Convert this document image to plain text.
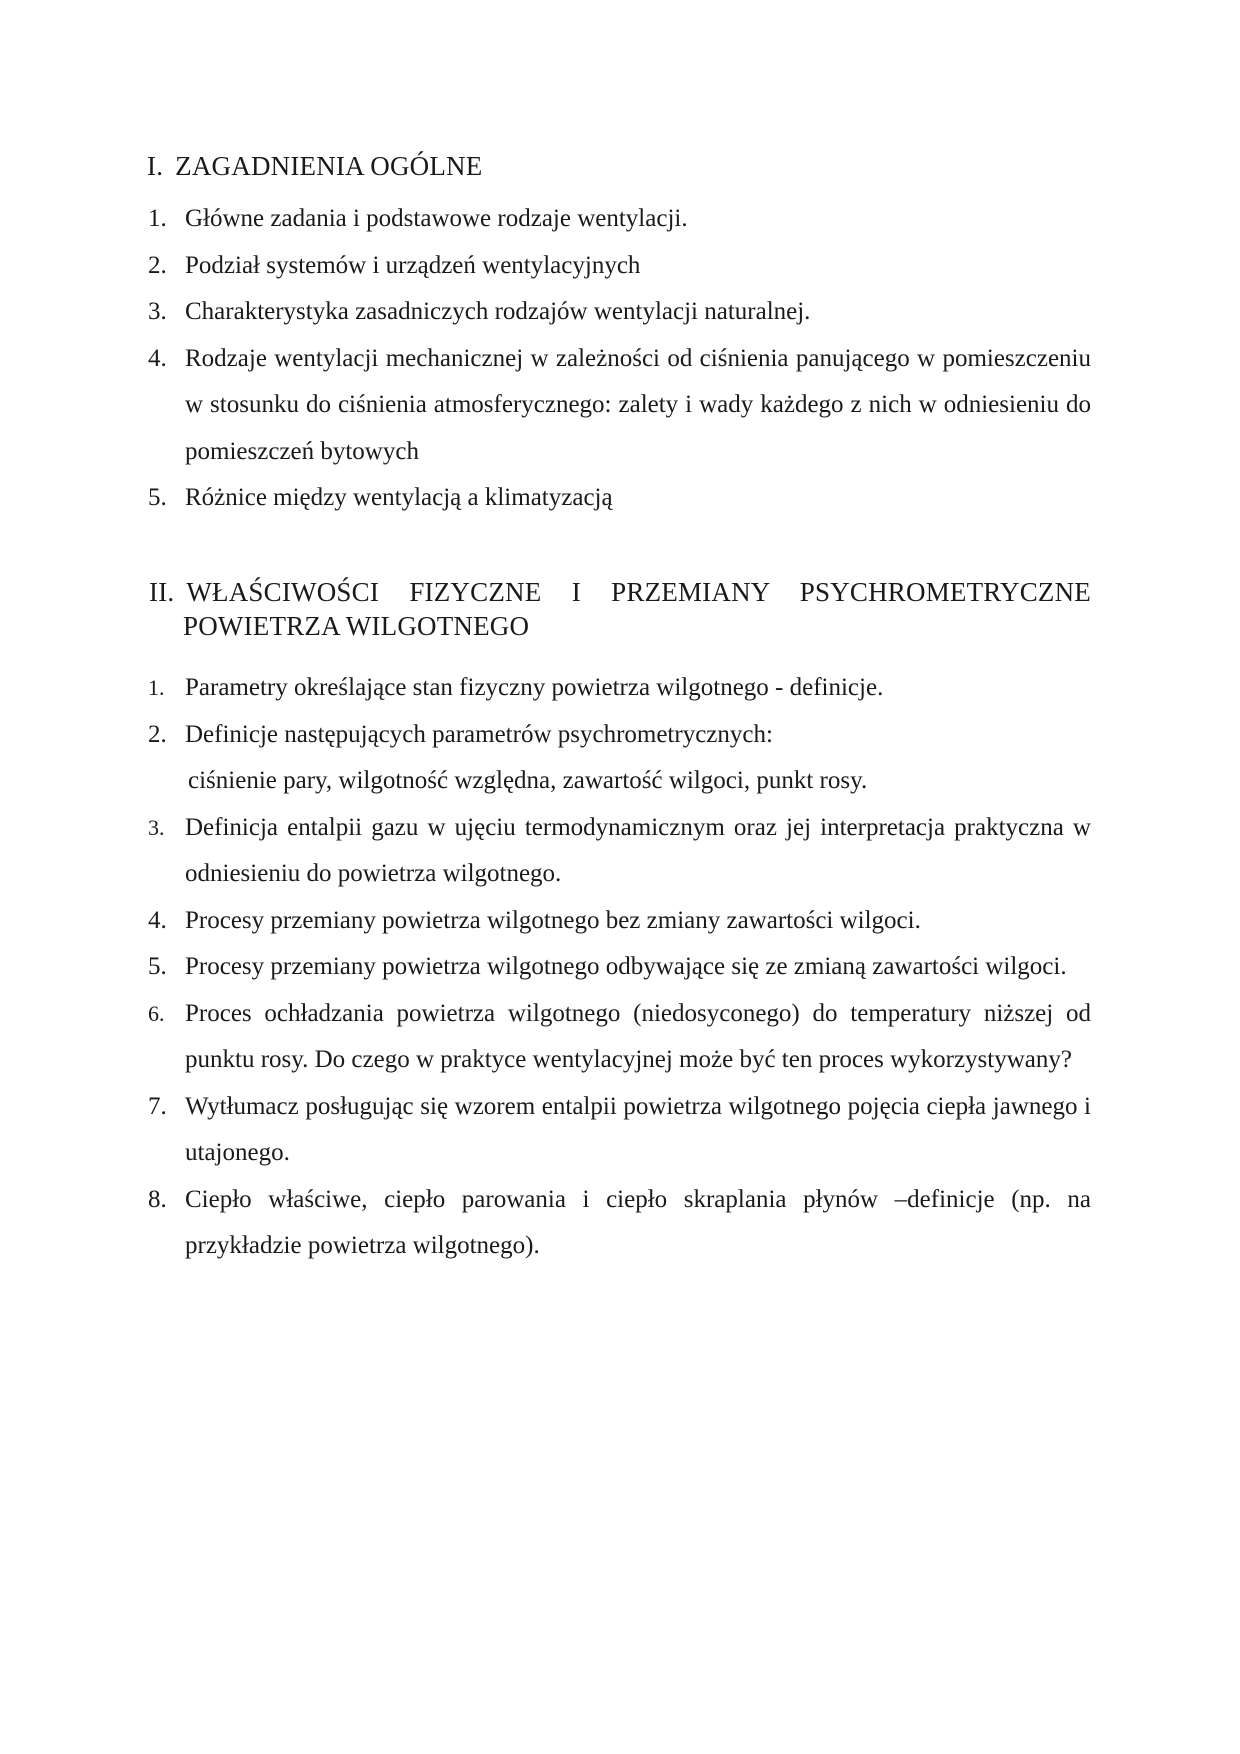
I. ZAGADNIENIA OGÓLNE
1. Główne zadania i podstawowe rodzaje wentylacji.
2. Podział systemów i urządzeń wentylacyjnych
3. Charakterystyka zasadniczych rodzajów wentylacji naturalnej.
4. Rodzaje wentylacji mechanicznej w zależności od ciśnienia panującego w pomieszczeniu w stosunku do ciśnienia atmosferycznego: zalety i wady każdego z nich w odniesieniu do pomieszczeń bytowych
5. Różnice między wentylacją a klimatyzacją
II. WŁAŚCIWOŚCI FIZYCZNE I PRZEMIANY PSYCHROMETRYCZNE
POWIETRZA WILGOTNEGO
1. Parametry określające stan fizyczny powietrza wilgotnego - definicje.
2. Definicje następujących parametrów psychrometrycznych:
ciśnienie pary, wilgotność względna, zawartość wilgoci, punkt rosy.
3. Definicja entalpii gazu w ujęciu termodynamicznym oraz jej interpretacja praktyczna w odniesieniu do powietrza wilgotnego.
4. Procesy przemiany powietrza wilgotnego bez zmiany zawartości wilgoci.
5. Procesy przemiany powietrza wilgotnego odbywające się ze zmianą zawartości wilgoci.
6. Proces ochładzania powietrza wilgotnego (niedosyconego) do temperatury niższej od punktu rosy. Do czego w praktyce wentylacyjnej może być ten proces wykorzystywany?
7. Wytłumacz posługując się wzorem entalpii powietrza wilgotnego pojęcia ciepła jawnego i utajonego.
8. Ciepło właściwe, ciepło parowania i ciepło skraplania płynów –definicje (np. na przykładzie powietrza wilgotnego).
